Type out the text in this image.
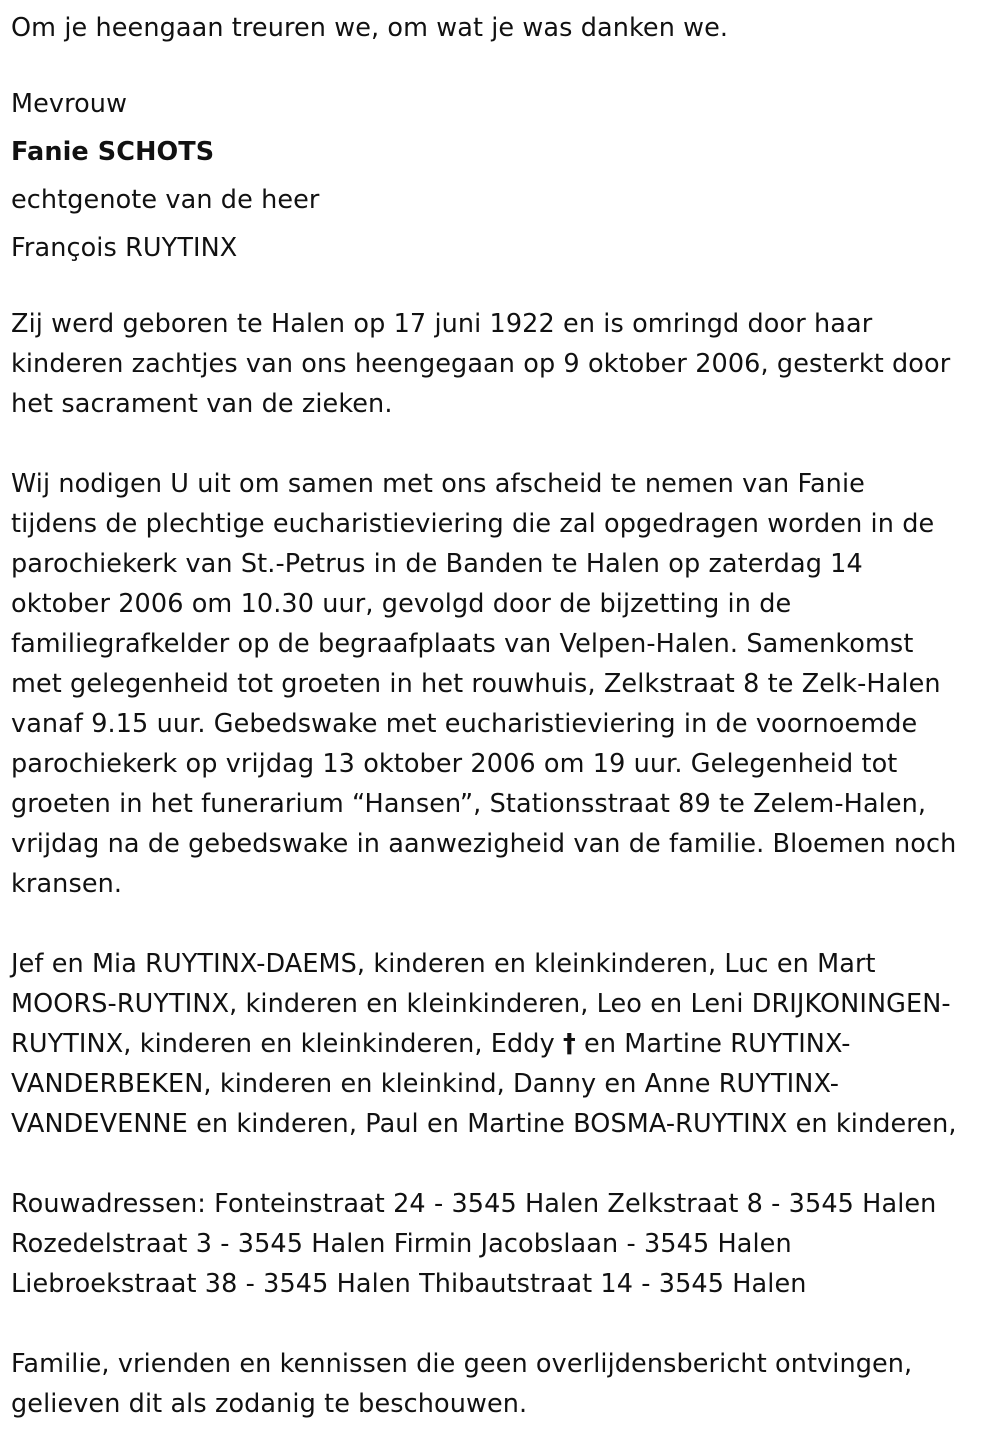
Om je heengaan treuren we, om wat je was danken we.
Mevrouw
Fanie SCHOTS
echtgenote van de heer
François RUYTINX
Zij werd geboren te Halen op 17 juni 1922 en is omringd door haar
kinderen zachtjes van ons heengegaan op 9 oktober 2006, gesterkt door
het sacrament van de zieken.
Wij nodigen U uit om samen met ons afscheid te nemen van Fanie
tijdens de plechtige eucharistieviering die zal opgedragen worden in de
parochiekerk van St.-Petrus in de Banden te Halen op zaterdag 14
oktober 2006 om 10.30 uur, gevolgd door de bijzetting in de
familiegrafkelder op de begraafplaats van Velpen-Halen. Samenkomst
met gelegenheid tot groeten in het rouwhuis, Zelkstraat 8 te Zelk-Halen
vanaf 9.15 uur. Gebedswake met eucharistieviering in de voornoemde
parochiekerk op vrijdag 13 oktober 2006 om 19 uur. Gelegenheid tot
groeten in het funerarium “Hansen”, Stationsstraat 89 te Zelem-Halen,
vrijdag na de gebedswake in aanwezigheid van de familie. Bloemen noch
kransen.
Jef en Mia RUYTINX-DAEMS, kinderen en kleinkinderen, Luc en Mart
MOORS-RUYTINX, kinderen en kleinkinderen, Leo en Leni DRIJKONINGEN-
RUYTINX, kinderen en kleinkinderen, Eddy † en Martine RUYTINX-
VANDERBEKEN, kinderen en kleinkind, Danny en Anne RUYTINX-
VANDEVENNE en kinderen, Paul en Martine BOSMA-RUYTINX en kinderen,
Rouwadressen: Fonteinstraat 24 - 3545 Halen Zelkstraat 8 - 3545 Halen
Rozedelstraat 3 - 3545 Halen Firmin Jacobslaan - 3545 Halen
Liebroekstraat 38 - 3545 Halen Thibautstraat 14 - 3545 Halen
Familie, vrienden en kennissen die geen overlijdensbericht ontvingen,
gelieven dit als zodanig te beschouwen.
